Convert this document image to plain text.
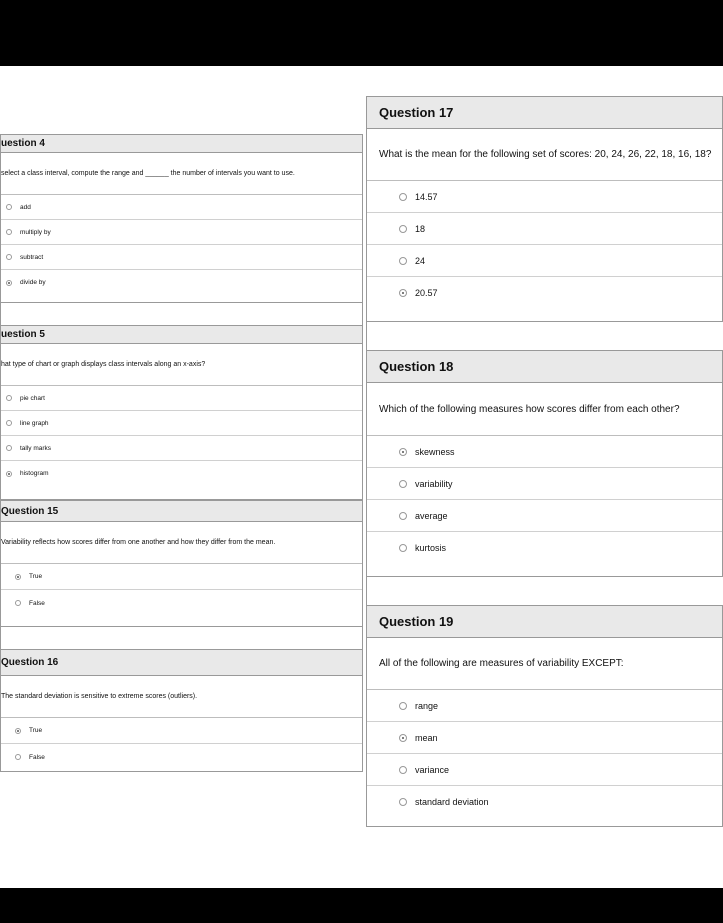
uestion 4
select a class interval, compute the range and ______ the number of intervals you want to use.
add
multiply by
subtract
divide by
uestion 5
hat type of chart or graph displays class intervals along an x-axis?
pie chart
line graph
tally marks
histogram
Question 15
Variability reflects how scores differ from one another and how they differ from the mean.
True
False
Question 16
The standard deviation is sensitive to extreme scores (outliers).
True
False
Question 17
What is the mean for the following set of scores: 20, 24, 26, 22, 18, 16, 18?
14.57
18
24
20.57
Question 18
Which of the following measures how scores differ from each other?
skewness
variability
average
kurtosis
Question 19
All of the following are measures of variability EXCEPT:
range
mean
variance
standard deviation
